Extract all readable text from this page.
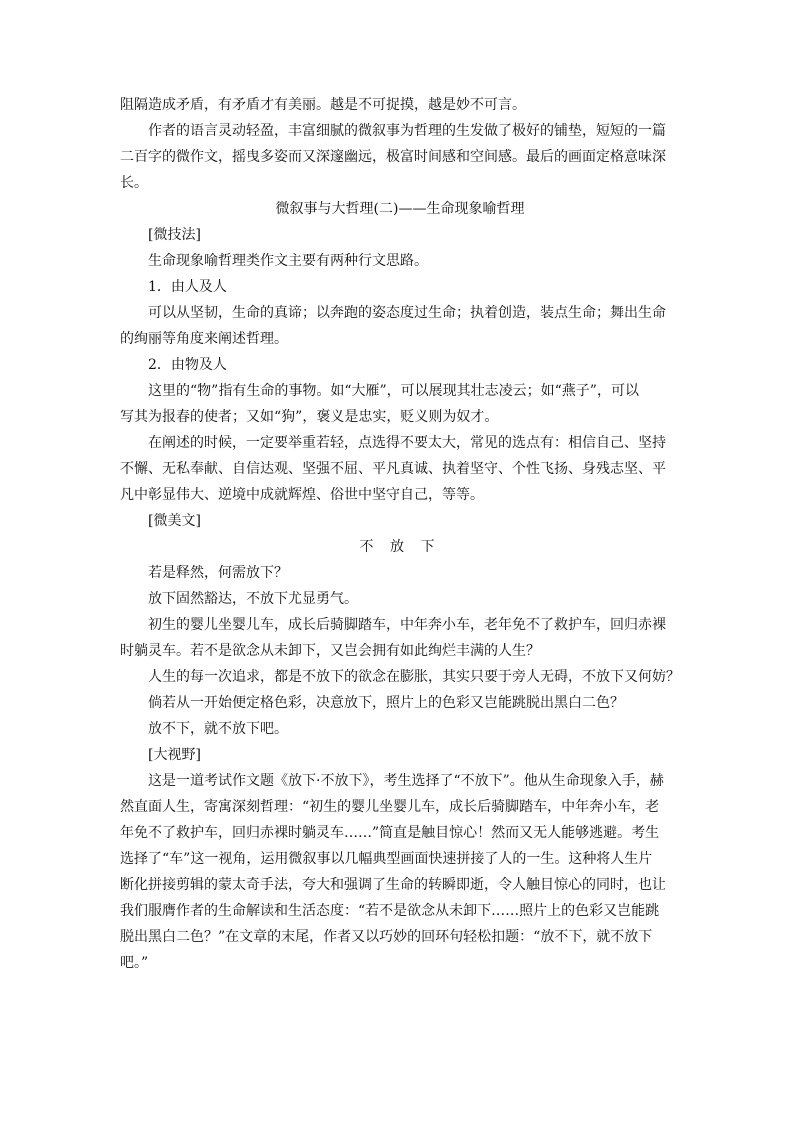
阻隔造成矛盾，有矛盾才有美丽。越是不可捉摸，越是妙不可言。

作者的语言灵动轻盈，丰富细腻的微叙事为哲理的生发做了极好的铺垫，短短的一篇

二百字的微作文，摇曳多姿而又深邃幽远，极富时间感和空间感。最后的画面定格意味深

长。

微叙事与大哲理(二)——生命现象喻哲理

[微技法]

生命现象喻哲理类作文主要有两种行文思路。

1．由人及人

可以从坚韧，生命的真谛；以奔跑的姿态度过生命；执着创造，装点生命；舞出生命

的绚丽等角度来阐述哲理。

2．由物及人

这里的“物”指有生命的事物。如“大雁”，可以展现其壮志凌云；如“燕子”，可以

写其为报春的使者；又如“狗”，褒义是忠实，贬义则为奴才。

在阐述的时候，一定要举重若轻，点选得不要太大，常见的选点有：相信自己、坚持

不懈、无私奉献、自信达观、坚强不屈、平凡真诚、执着坚守、个性飞扬、身残志坚、平

凡中彰显伟大、逆境中成就辉煌、俗世中坚守自己，等等。

[微美文]

不 放 下

若是释然，何需放下？

放下固然豁达，不放下尤显勇气。

初生的婴儿坐婴儿车，成长后骑脚踏车，中年奔小车，老年免不了救护车，回归赤裸

时躺灵车。若不是欲念从未卸下，又岂会拥有如此绚烂丰满的人生？

人生的每一次追求，都是不放下的欲念在膨胀，其实只要于旁人无碍，不放下又何妨？

倘若从一开始便定格色彩，决意放下，照片上的色彩又岂能跳脱出黑白二色？

放不下，就不放下吧。

[大视野]

这是一道考试作文题《放下·不放下》，考生选择了“不放下”。他从生命现象入手，赫

然直面人生，寄寓深刻哲理：“初生的婴儿坐婴儿车，成长后骑脚踏车，中年奔小车，老

年免不了救护车，回归赤裸时躺灵车……”简直是触目惊心！然而又无人能够逃避。考生

选择了“车”这一视角，运用微叙事以几幅典型画面快速拼接了人的一生。这种将人生片

断化拼接剪辑的蒙太奇手法，夸大和强调了生命的转瞬即逝，令人触目惊心的同时，也让

我们服膺作者的生命解读和生活态度：“若不是欲念从未卸下……照片上的色彩又岂能跳

脱出黑白二色？”在文章的末尾，作者又以巧妙的回环句轻松扣题：“放不下，就不放下

吧。”
